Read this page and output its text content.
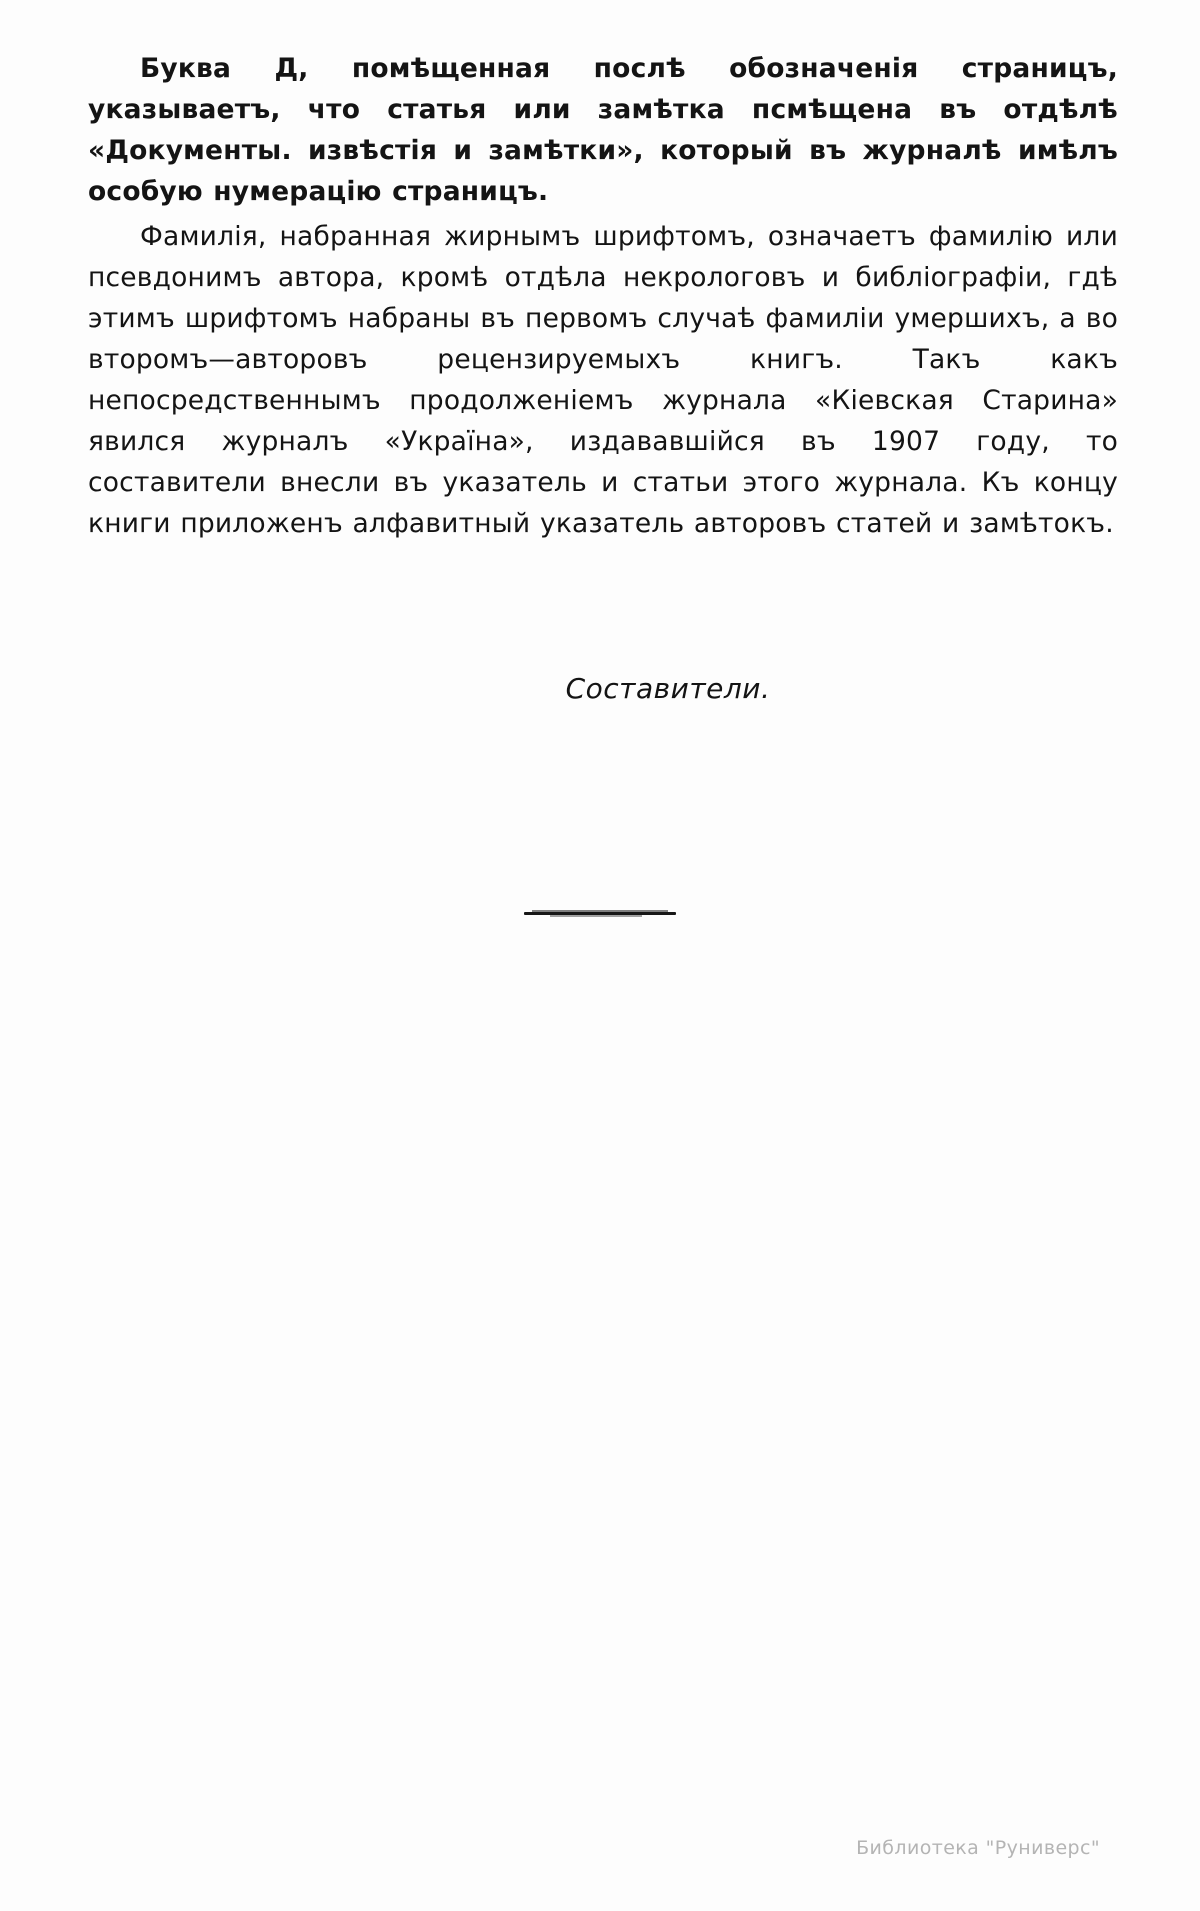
Буква Д, помѣщенная послѣ обозначенія страницъ, указываетъ, что статья или замѣтка псмѣщена въ отдѣлѣ «Документы. извѣстія и замѣтки», который въ журналѣ имѣлъ особую нумерацію страницъ.

Фамилія, набранная жирнымъ шрифтомъ, означаетъ фамилію или псевдонимъ автора, кромѣ отдѣла некрологовъ и библіографіи, гдѣ этимъ шрифтомъ набраны въ первомъ случаѣ фамиліи умершихъ, а во второмъ—авторовъ рецензируемыхъ книгъ. Такъ какъ непосредственнымъ продолженіемъ журнала «Кіевская Старина» явился журналъ «Україна», издававшійся въ 1907 году, то составители внесли въ указатель и статьи этого журнала. Къ концу книги приложенъ алфавитный указатель авторовъ статей и замѣтокъ.

Составители.
Библиотека "Руниверс"
